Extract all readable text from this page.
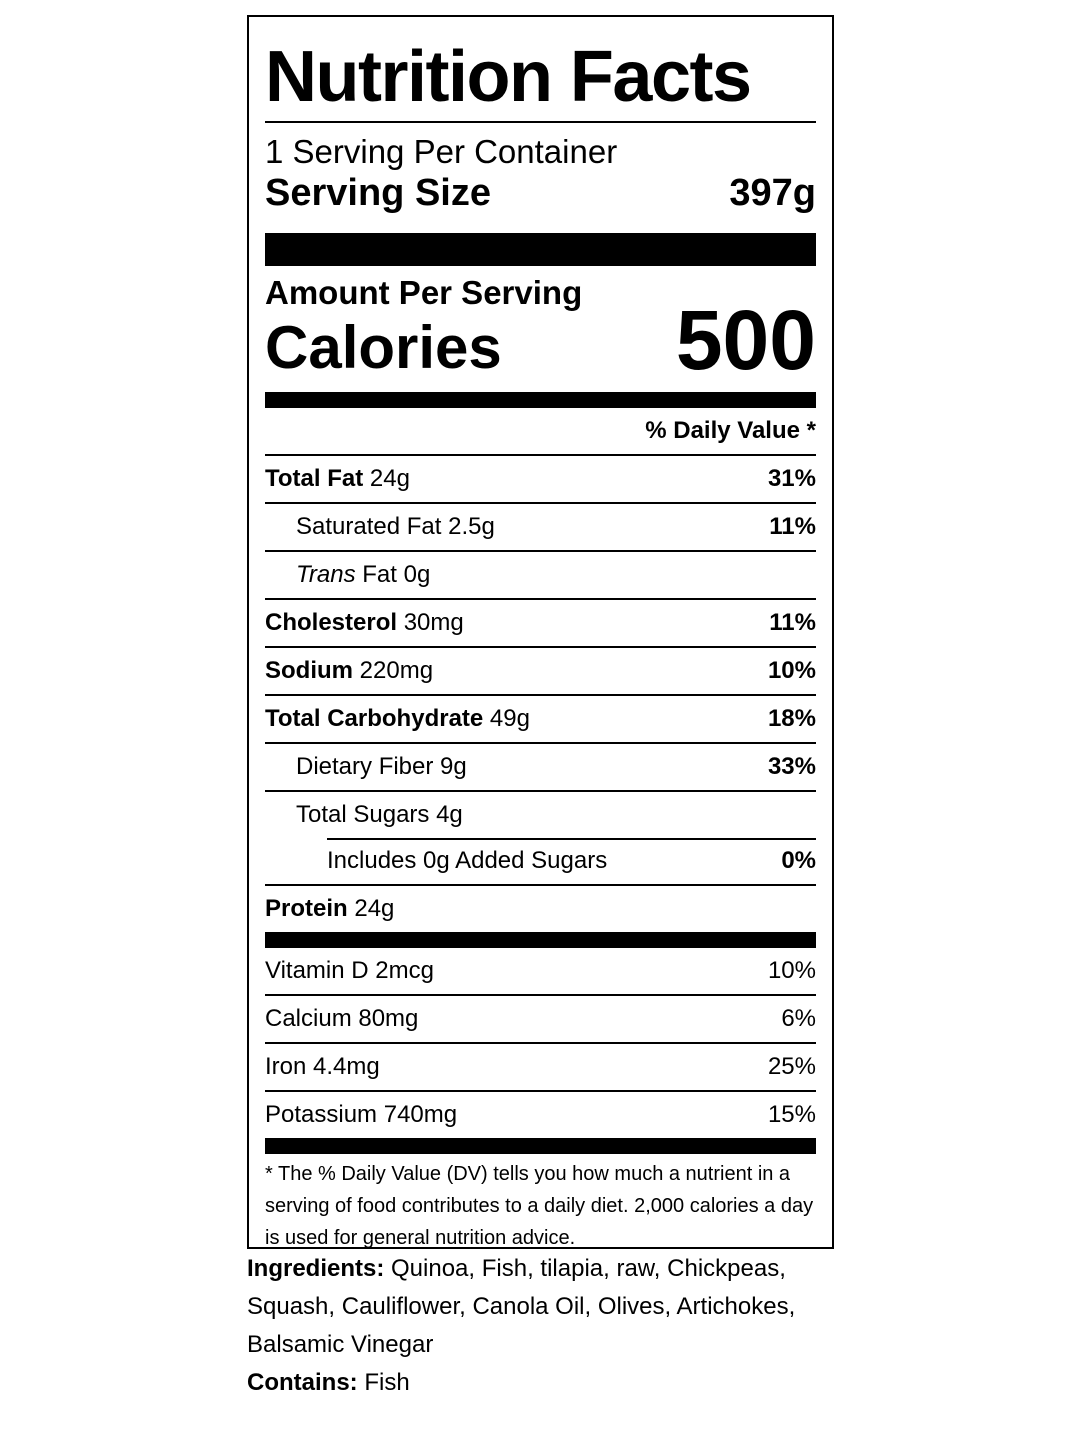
Nutrition Facts
1 Serving Per Container
Serving Size	397g
Amount Per Serving
Calories 500
% Daily Value *
Total Fat 24g	31%
Saturated Fat 2.5g	11%
Trans Fat 0g
Cholesterol 30mg	11%
Sodium 220mg	10%
Total Carbohydrate 49g	18%
Dietary Fiber 9g	33%
Total Sugars 4g
Includes 0g Added Sugars	0%
Protein 24g
Vitamin D 2mcg	10%
Calcium 80mg	6%
Iron 4.4mg	25%
Potassium 740mg	15%
* The % Daily Value (DV) tells you how much a nutrient in a serving of food contributes to a daily diet. 2,000 calories a day is used for general nutrition advice.
Ingredients: Quinoa, Fish, tilapia, raw, Chickpeas, Squash, Cauliflower, Canola Oil, Olives, Artichokes, Balsamic Vinegar
Contains: Fish
